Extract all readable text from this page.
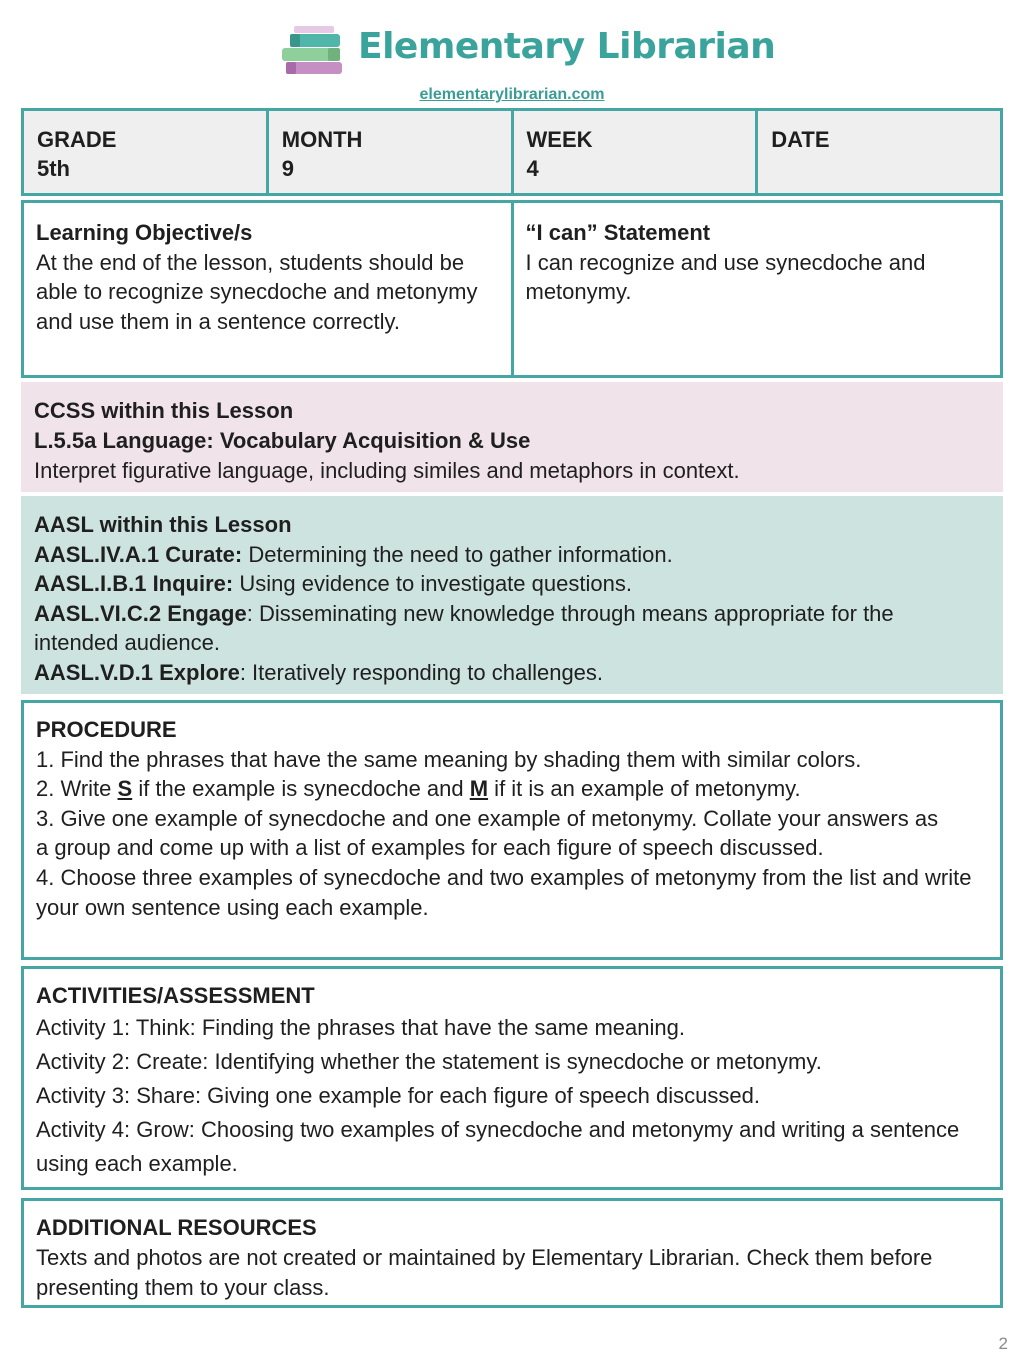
Elementary Librarian
elementarylibrarian.com
GRADE
5th
MONTH
9
WEEK
4
DATE
Learning Objective/s
At the end of the lesson, students should be able to recognize synecdoche and metonymy and use them in a sentence correctly.
“I can” Statement
I can recognize and use synecdoche and metonymy.
CCSS within this Lesson
L.5.5a Language: Vocabulary Acquisition & Use
Interpret figurative language, including similes and metaphors in context.
AASL within this Lesson
AASL.IV.A.1 Curate: Determining the need to gather information.
AASL.I.B.1 Inquire: Using evidence to investigate questions.
AASL.VI.C.2 Engage: Disseminating new knowledge through means appropriate for the intended audience.
AASL.V.D.1 Explore: Iteratively responding to challenges.
PROCEDURE
1. Find the phrases that have the same meaning by shading them with similar colors.
2. Write S if the example is synecdoche and M if it is an example of metonymy.
3. Give one example of synecdoche and one example of metonymy. Collate your answers as a group and come up with a list of examples for each figure of speech discussed.
4. Choose three examples of synecdoche and two examples of metonymy from the list and write your own sentence using each example.
ACTIVITIES/ASSESSMENT
Activity 1: Think: Finding the phrases that have the same meaning.
Activity 2: Create: Identifying whether the statement is synecdoche or metonymy.
Activity 3: Share: Giving one example for each figure of speech discussed.
Activity 4: Grow: Choosing two examples of synecdoche and metonymy and writing a sentence using each example.
ADDITIONAL RESOURCES
Texts and photos are not created or maintained by Elementary Librarian. Check them before presenting them to your class.
2
